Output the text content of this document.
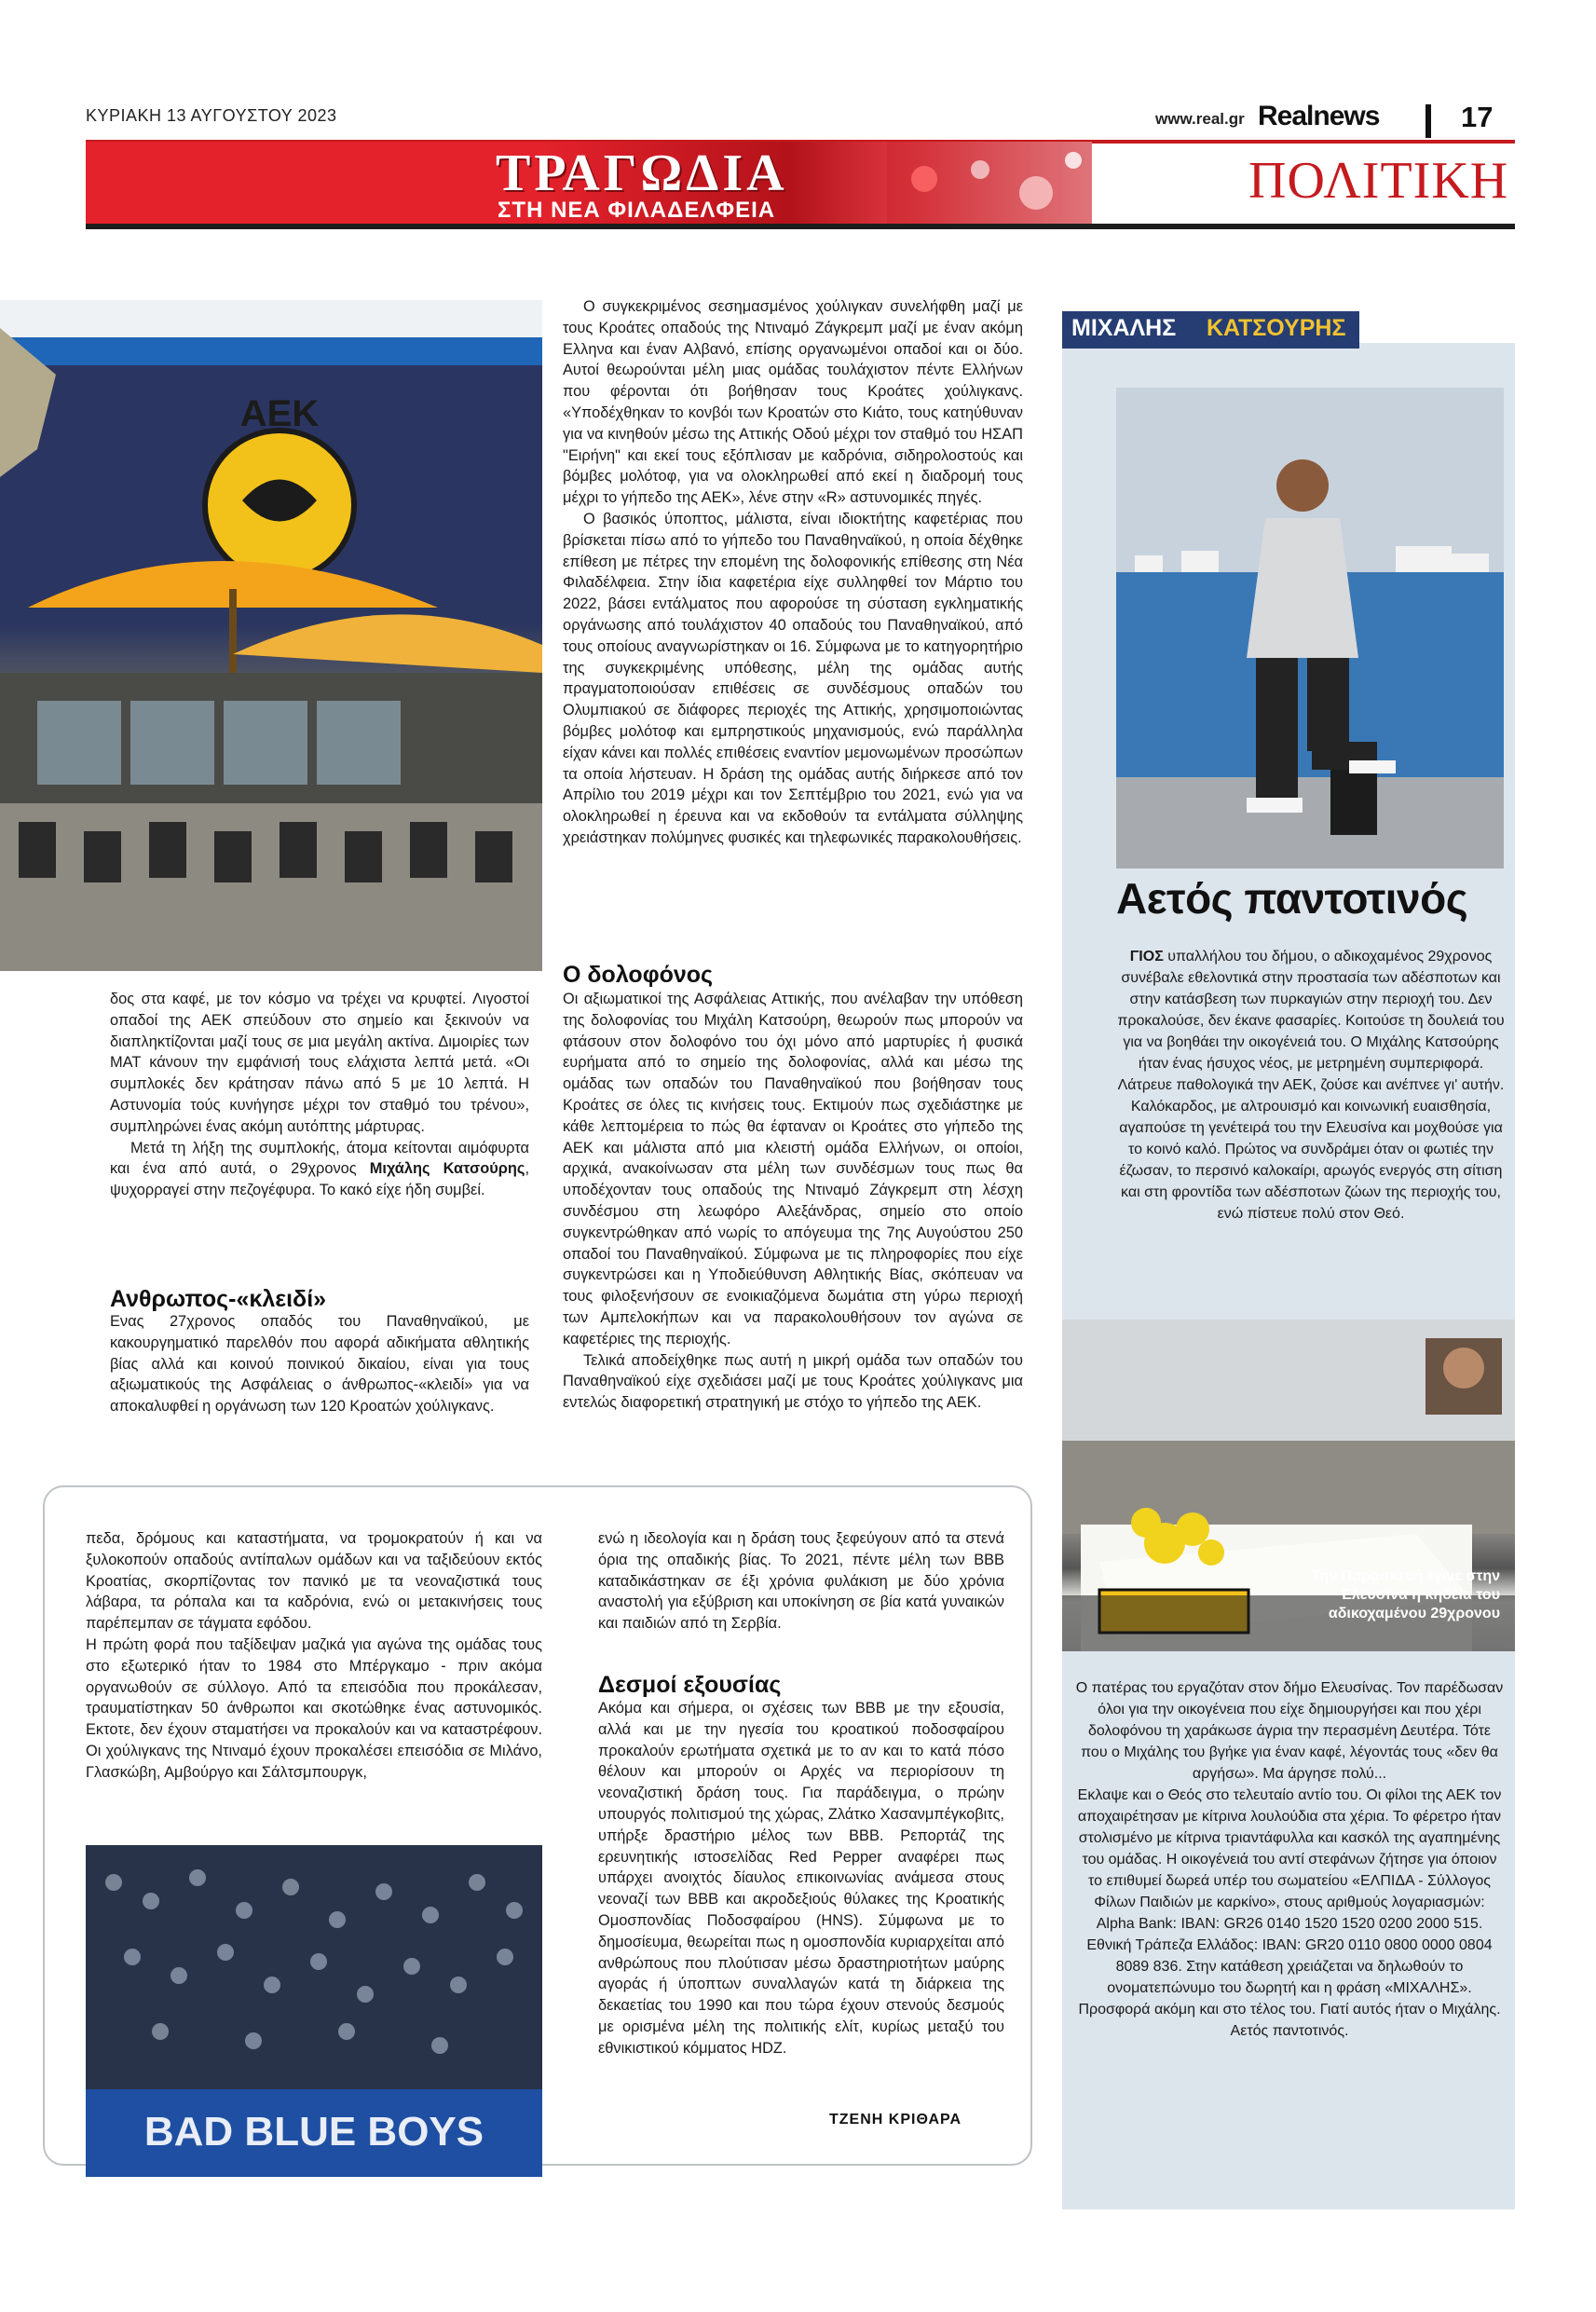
ΚΥΡΙΑΚΗ 13 ΑΥΓΟΥΣΤΟΥ 2023	www.real.gr Realnews	17
ΤΡΑΓΩΔΙΑ
ΣΤΗ ΝΕΑ ΦΙΛΑΔΕΛΦΕΙΑ
ΠΟΛΙΤΙΚΗ
ΑΕΚ

δος στα καφέ, με τον κόσμο να τρέχει να κρυφτεί. Λιγοστοί οπαδοί της ΑΕΚ σπεύδουν στο σημείο και ξεκινούν να διαπληκτίζονται μαζί τους σε μια μεγάλη ακτίνα. Διμοιρίες των ΜΑΤ κάνουν την εμφάνισή τους ελάχιστα λεπτά μετά. «Οι συμπλοκές δεν κράτησαν πάνω από 5 με 10 λεπτά. Η Αστυνομία τούς κυνήγησε μέχρι τον σταθμό του τρένου», συμπληρώνει ένας ακόμη αυτόπτης μάρτυρας.

Μετά τη λήξη της συμπλοκής, άτομα κείτονται αιμόφυρτα και ένα από αυτά, ο 29χρονος Μιχάλης Κατσούρης, ψυχορραγεί στην πεζογέφυρα. Το κακό είχε ήδη συμβεί.

Ανθρωπος-«κλειδί»

Ενας 27χρονος οπαδός του Παναθηναϊκού, με κακουργηματικό παρελθόν που αφορά αδικήματα αθλητικής βίας αλλά και κοινού ποινικού δικαίου, είναι για τους αξιωματικούς της Ασφάλειας ο άνθρωπος-«κλειδί» για να αποκαλυφθεί η οργάνωση των 120 Κροατών χούλιγκανς.

Ο συγκεκριμένος σεσημασμένος χούλιγκαν συνελήφθη μαζί με τους Κροάτες οπαδούς της Ντιναμό Ζάγκρεμπ μαζί με έναν ακόμη Ελληνα και έναν Αλβανό, επίσης οργανωμένοι οπαδοί και οι δύο. Αυτοί θεωρούνται μέλη μιας ομάδας τουλάχιστον πέντε Ελλήνων που φέρονται ότι βοήθησαν τους Κροάτες χούλιγκανς. «Υποδέχθηκαν το κονβόι των Κροατών στο Κιάτο, τους κατηύθυναν για να κινηθούν μέσω της Αττικής Οδού μέχρι τον σταθμό του ΗΣΑΠ "Ειρήνη" και εκεί τους εξόπλισαν με καδρόνια, σιδηρολοστούς και βόμβες μολότοφ, για να ολοκληρωθεί από εκεί η διαδρομή τους μέχρι το γήπεδο της ΑΕΚ», λένε στην «R» αστυνομικές πηγές.

Ο βασικός ύποπτος, μάλιστα, είναι ιδιοκτήτης καφετέριας που βρίσκεται πίσω από το γήπεδο του Παναθηναϊκού, η οποία δέχθηκε επίθεση με πέτρες την επομένη της δολοφονικής επίθεσης στη Νέα Φιλαδέλφεια. Στην ίδια καφετέρια είχε συλληφθεί τον Μάρτιο του 2022, βάσει εντάλματος που αφορούσε τη σύσταση εγκληματικής οργάνωσης από τουλάχιστον 40 οπαδούς του Παναθηναϊκού, από τους οποίους αναγνωρίστηκαν οι 16. Σύμφωνα με το κατηγορητήριο της συγκεκριμένης υπόθεσης, μέλη της ομάδας αυτής πραγματοποιούσαν επιθέσεις σε συνδέσμους οπαδών του Ολυμπιακού σε διάφορες περιοχές της Αττικής, χρησιμοποιώντας βόμβες μολότοφ και εμπρηστικούς μηχανισμούς, ενώ παράλληλα είχαν κάνει και πολλές επιθέσεις εναντίον μεμονωμένων προσώπων τα οποία λήστευαν. Η δράση της ομάδας αυτής διήρκεσε από τον Απρίλιο του 2019 μέχρι και τον Σεπτέμβριο του 2021, ενώ για να ολοκληρωθεί η έρευνα και να εκδοθούν τα εντάλματα σύλληψης χρειάστηκαν πολύμηνες φυσικές και τηλεφωνικές παρακολουθήσεις.

Ο δολοφόνος

Οι αξιωματικοί της Ασφάλειας Αττικής, που ανέλαβαν την υπόθεση της δολοφονίας του Μιχάλη Κατσούρη, θεωρούν πως μπορούν να φτάσουν στον δολοφόνο του όχι μόνο από μαρτυρίες ή φυσικά ευρήματα από το σημείο της δολοφονίας, αλλά και μέσω της ομάδας των οπαδών του Παναθηναϊκού που βοήθησαν τους Κροάτες σε όλες τις κινήσεις τους. Εκτιμούν πως σχεδιάστηκε με κάθε λεπτομέρεια το πώς θα έφταναν οι Κροάτες στο γήπεδο της ΑΕΚ και μάλιστα από μια κλειστή ομάδα Ελλήνων, οι οποίοι, αρχικά, ανακοίνωσαν στα μέλη των συνδέσμων τους πως θα υποδέχονταν τους οπαδούς της Ντιναμό Ζάγκρεμπ στη λέσχη συνδέσμου στη λεωφόρο Αλεξάνδρας, σημείο στο οποίο συγκεντρώθηκαν από νωρίς το απόγευμα της 7ης Αυγούστου 250 οπαδοί του Παναθηναϊκού. Σύμφωνα με τις πληροφορίες που είχε συγκεντρώσει και η Υποδιεύθυνση Αθλητικής Βίας, σκόπευαν να τους φιλοξενήσουν σε ενοικιαζόμενα δωμάτια στη γύρω περιοχή των Αμπελοκήπων και να παρακολουθήσουν τον αγώνα σε καφετέριες της περιοχής.

Τελικά αποδείχθηκε πως αυτή η μικρή ομάδα των οπαδών του Παναθηναϊκού είχε σχεδιάσει μαζί με τους Κροάτες χούλιγκανς μια εντελώς διαφορετική στρατηγική με στόχο το γήπεδο της ΑΕΚ.

ΜΙΧΑΛΗΣ ΚΑΤΣΟΥΡΗΣ
Αετός παντοτινός
ΓΙΟΣ υπαλλήλου του δήμου, ο αδικοχαμένος 29χρονος συνέβαλε εθελοντικά στην προστασία των αδέσποτων και στην κατάσβεση των πυρκαγιών στην περιοχή του. Δεν προκαλούσε, δεν έκανε φασαρίες. Κοιτούσε τη δουλειά του για να βοηθάει την οικογένειά του. Ο Μιχάλης Κατσούρης ήταν ένας ήσυχος νέος, με μετρημένη συμπεριφορά. Λάτρευε παθολογικά την ΑΕΚ, ζούσε και ανέπνεε γι' αυτήν. Καλόκαρδος, με αλτρουισμό και κοινωνική ευαισθησία, αγαπούσε τη γενέτειρά του την Ελευσίνα και μοχθούσε για το κοινό καλό. Πρώτος να συνδράμει όταν οι φωτιές την έζωσαν, το περσινό καλοκαίρι, αρωγός ενεργός στη σίτιση και στη φροντίδα των αδέσποτων ζώων της περιοχής του, ενώ πίστευε πολύ στον Θεό.
Την Παρασκευή έγινε στην Ελευσίνα η κηδεία του αδικοχαμένου 29χρονου

Ο πατέρας του εργαζόταν στον δήμο Ελευσίνας. Τον παρέδωσαν όλοι για την οικογένεια που είχε δημιουργήσει και που χέρι δολοφόνου τη χαράκωσε άγρια την περασμένη Δευτέρα. Τότε που ο Μιχάλης του βγήκε για έναν καφέ, λέγοντάς τους «δεν θα αργήσω». Μα άργησε πολύ...

Εκλαψε και ο Θεός στο τελευταίο αντίο του. Οι φίλοι της ΑΕΚ τον αποχαιρέτησαν με κίτρινα λουλούδια στα χέρια. Το φέρετρο ήταν στολισμένο με κίτρινα τριαντάφυλλα και κασκόλ της αγαπημένης του ομάδας. Η οικογένειά του αντί στεφάνων ζήτησε για όποιον το επιθυμεί δωρεά υπέρ του σωματείου «ΕΛΠΙΔΑ - Σύλλογος Φίλων Παιδιών με καρκίνο», στους αριθμούς λογαριασμών: Alpha Bank: IBAN: GR26 0140 1520 1520 0200 2000 515. Εθνική Τράπεζα Ελλάδος: IBAN: GR20 0110 0800 0000 0804 8089 836. Στην κατάθεση χρειάζεται να δηλωθούν το ονοματεπώνυμο του δωρητή και η φράση «ΜΙΧΑΛΗΣ». Προσφορά ακόμη και στο τέλος του. Γιατί αυτός ήταν ο Μιχάλης. Αετός παντοτινός.

πεδα, δρόμους και καταστήματα, να τρομοκρατούν ή και να ξυλοκοπούν οπαδούς αντίπαλων ομάδων και να ταξιδεύουν εκτός Κροατίας, σκορπίζοντας τον πανικό με τα νεοναζιστικά τους λάβαρα, τα ρόπαλα και τα καδρόνια, ενώ οι μετακινήσεις τους παρέπεμπαν σε τάγματα εφόδου.

Η πρώτη φορά που ταξίδεψαν μαζικά για αγώνα της ομάδας τους στο εξωτερικό ήταν το 1984 στο Μπέργκαμο - πριν ακόμα οργανωθούν σε σύλλογο. Από τα επεισόδια που προκάλεσαν, τραυματίστηκαν 50 άνθρωποι και σκοτώθηκε ένας αστυνομικός. Εκτοτε, δεν έχουν σταματήσει να προκαλούν και να καταστρέφουν. Οι χούλιγκανς της Ντιναμό έχουν προκαλέσει επεισόδια σε Μιλάνο, Γλασκώβη, Αμβούργο και Σάλτσμπουργκ,

BAD BLUE BOYS

ενώ η ιδεολογία και η δράση τους ξεφεύγουν από τα στενά όρια της οπαδικής βίας. Το 2021, πέντε μέλη των BBB καταδικάστηκαν σε έξι χρόνια φυλάκιση με δύο χρόνια αναστολή για εξύβριση και υποκίνηση σε βία κατά γυναικών και παιδιών από τη Σερβία.

Δεσμοί εξουσίας

Ακόμα και σήμερα, οι σχέσεις των BBB με την εξουσία, αλλά και με την ηγεσία του κροατικού ποδοσφαίρου προκαλούν ερωτήματα σχετικά με το αν και το κατά πόσο θέλουν και μπορούν οι Αρχές να περιορίσουν τη νεοναζιστική δράση τους. Για παράδειγμα, ο πρώην υπουργός πολιτισμού της χώρας, Ζλάτκο Χασανμπέγκοβιτς, υπήρξε δραστήριο μέλος των BBB. Ρεπορτάζ της ερευνητικής ιστοσελίδας Red Pepper αναφέρει πως υπάρχει ανοιχτός δίαυλος επικοινωνίας ανάμεσα στους νεοναζί των BBB και ακροδεξιούς θύλακες της Κροατικής Ομοσπονδίας Ποδοσφαίρου (HNS). Σύμφωνα με το δημοσίευμα, θεωρείται πως η ομοσπονδία κυριαρχείται από ανθρώπους που πλούτισαν μέσω δραστηριοτήτων μαύρης αγοράς ή ύποπτων συναλλαγών κατά τη διάρκεια της δεκαετίας του 1990 και που τώρα έχουν στενούς δεσμούς με ορισμένα μέλη της πολιτικής ελίτ, κυρίως μεταξύ του εθνικιστικού κόμματος HDZ.

ΤΖΕΝΗ ΚΡΙΘΑΡΑ
